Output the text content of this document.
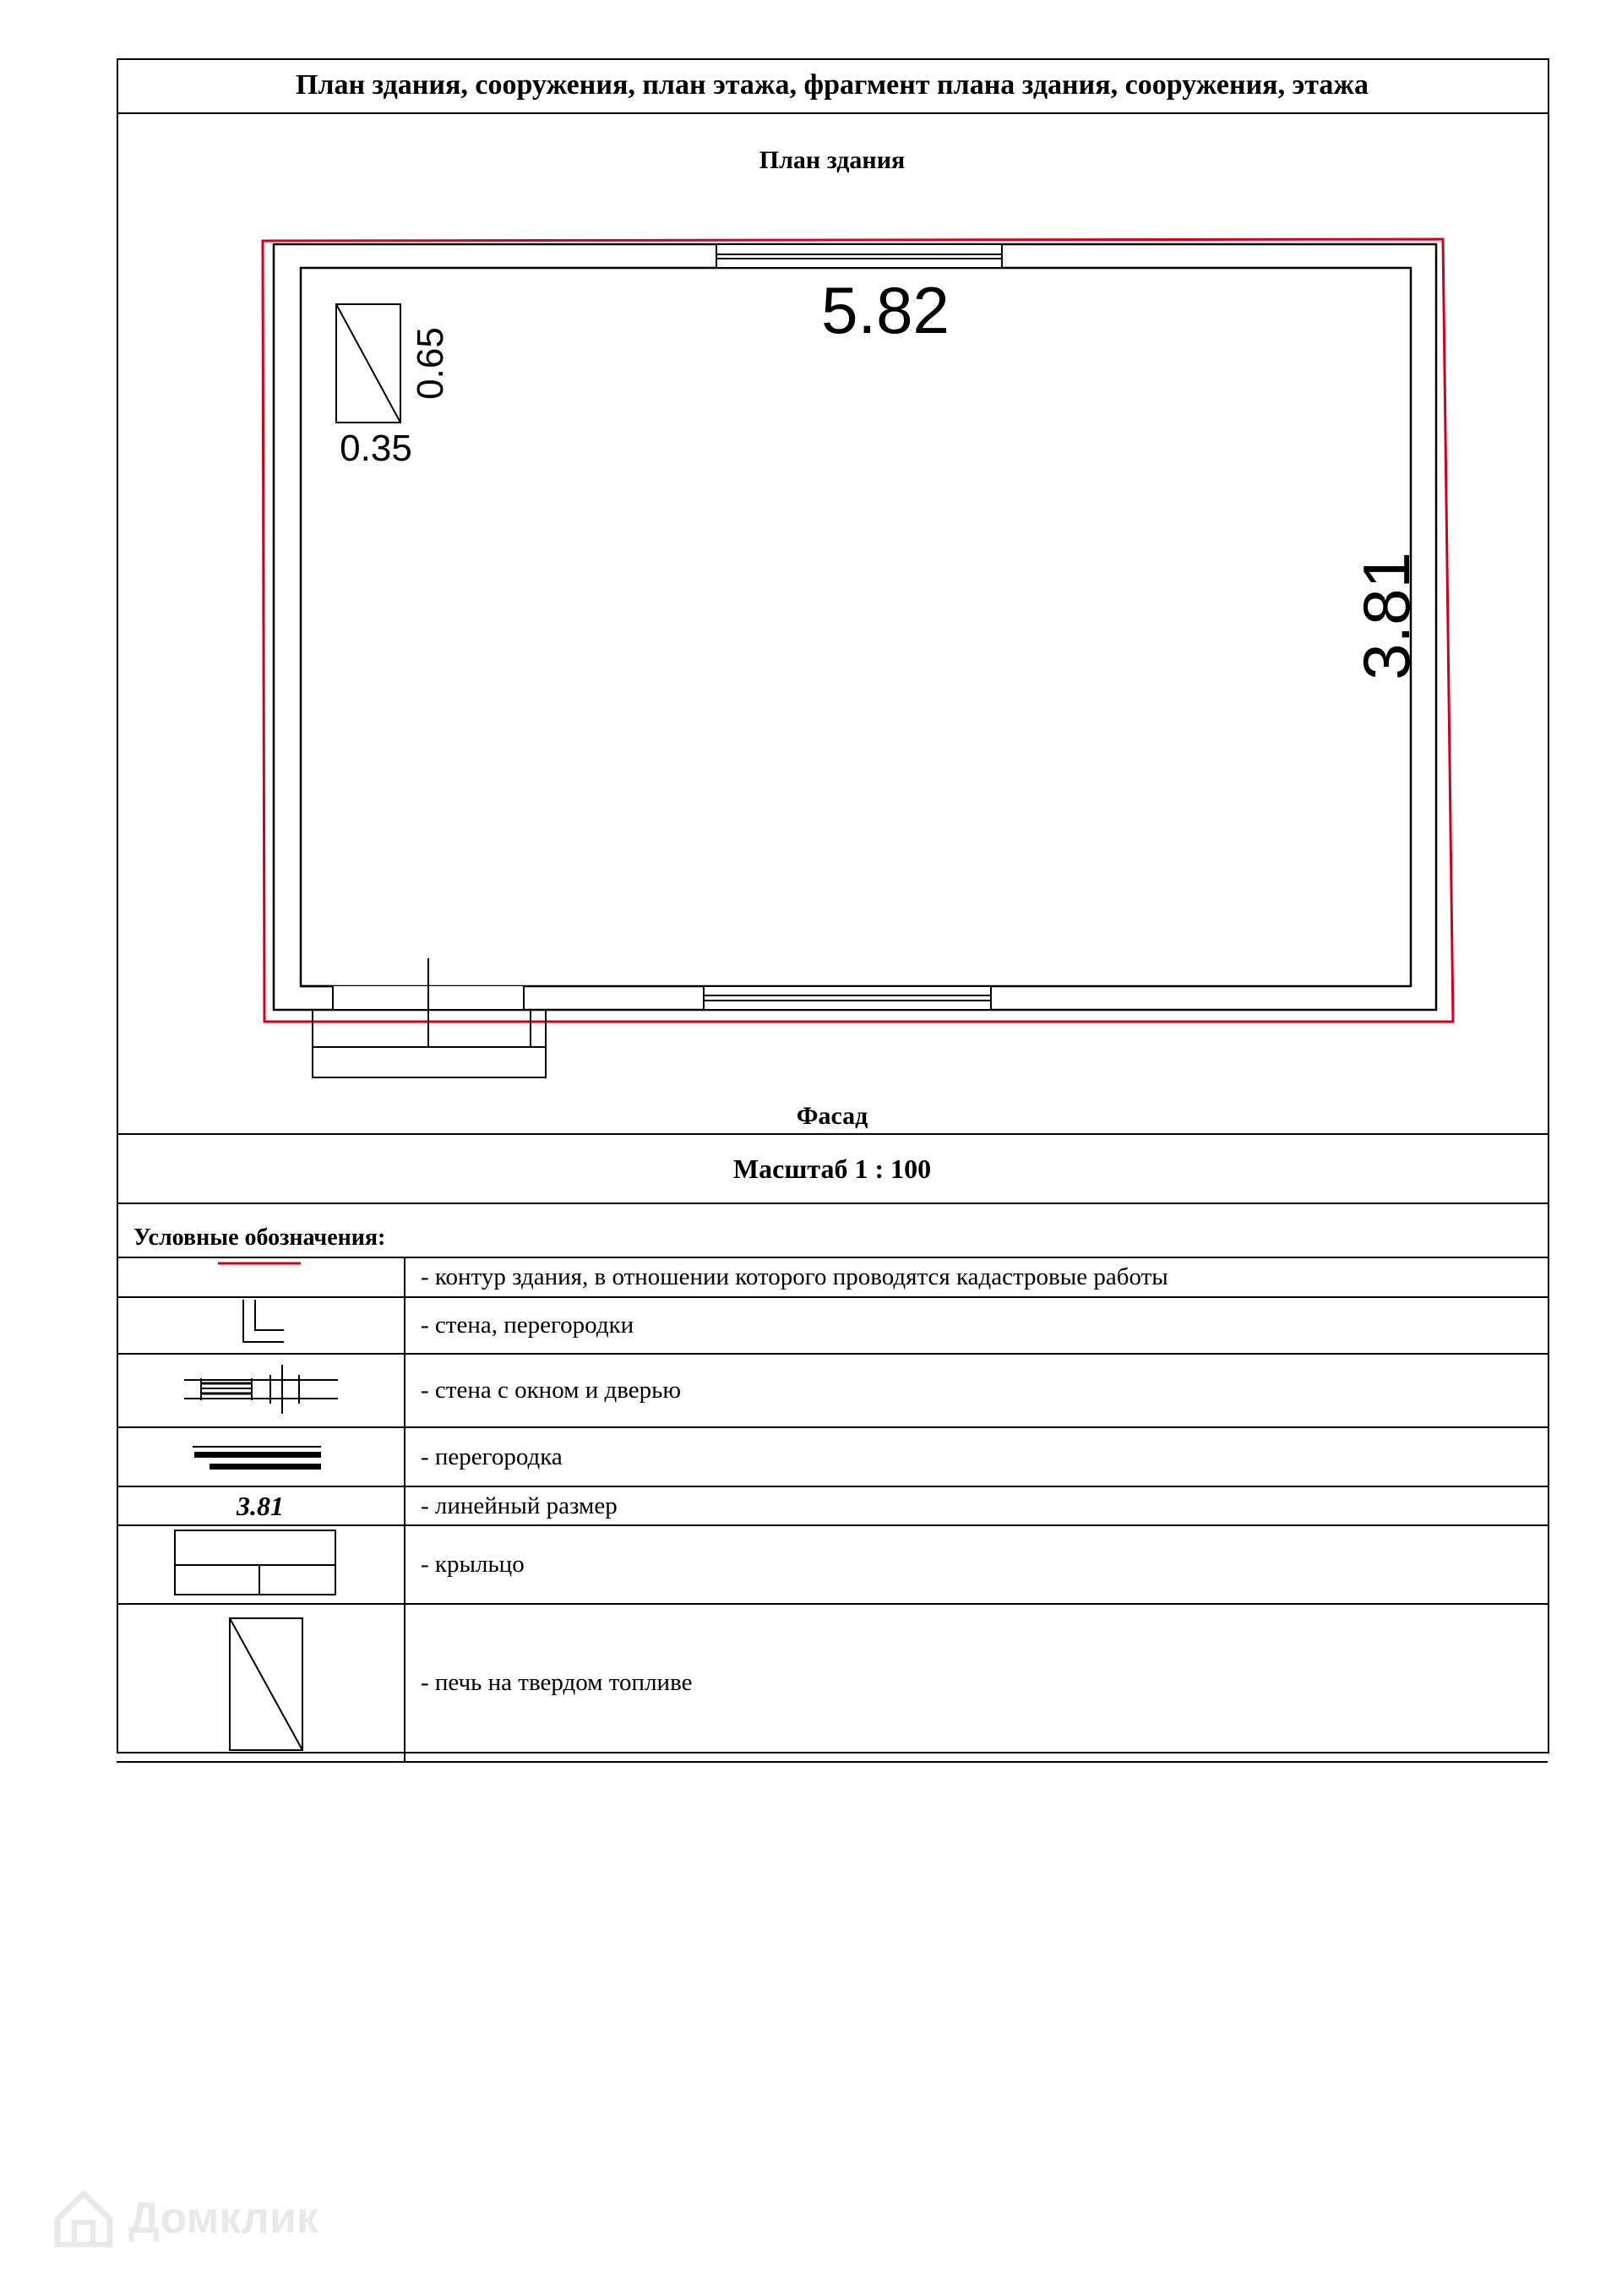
План здания, сооружения, план этажа, фрагмент плана здания, сооружения, этажа
План здания
5.82
0.35
0.65
3.81
Фасад
Масштаб 1 : 100
Условные обозначения:
	- контур здания, в отношении которого проводятся кадастровые работы
	- стена, перегородки
	- стена с окном и дверью
	- перегородка
3.81	- линейный размер
	- крыльцо
	- печь на твердом топливе
Домклик
